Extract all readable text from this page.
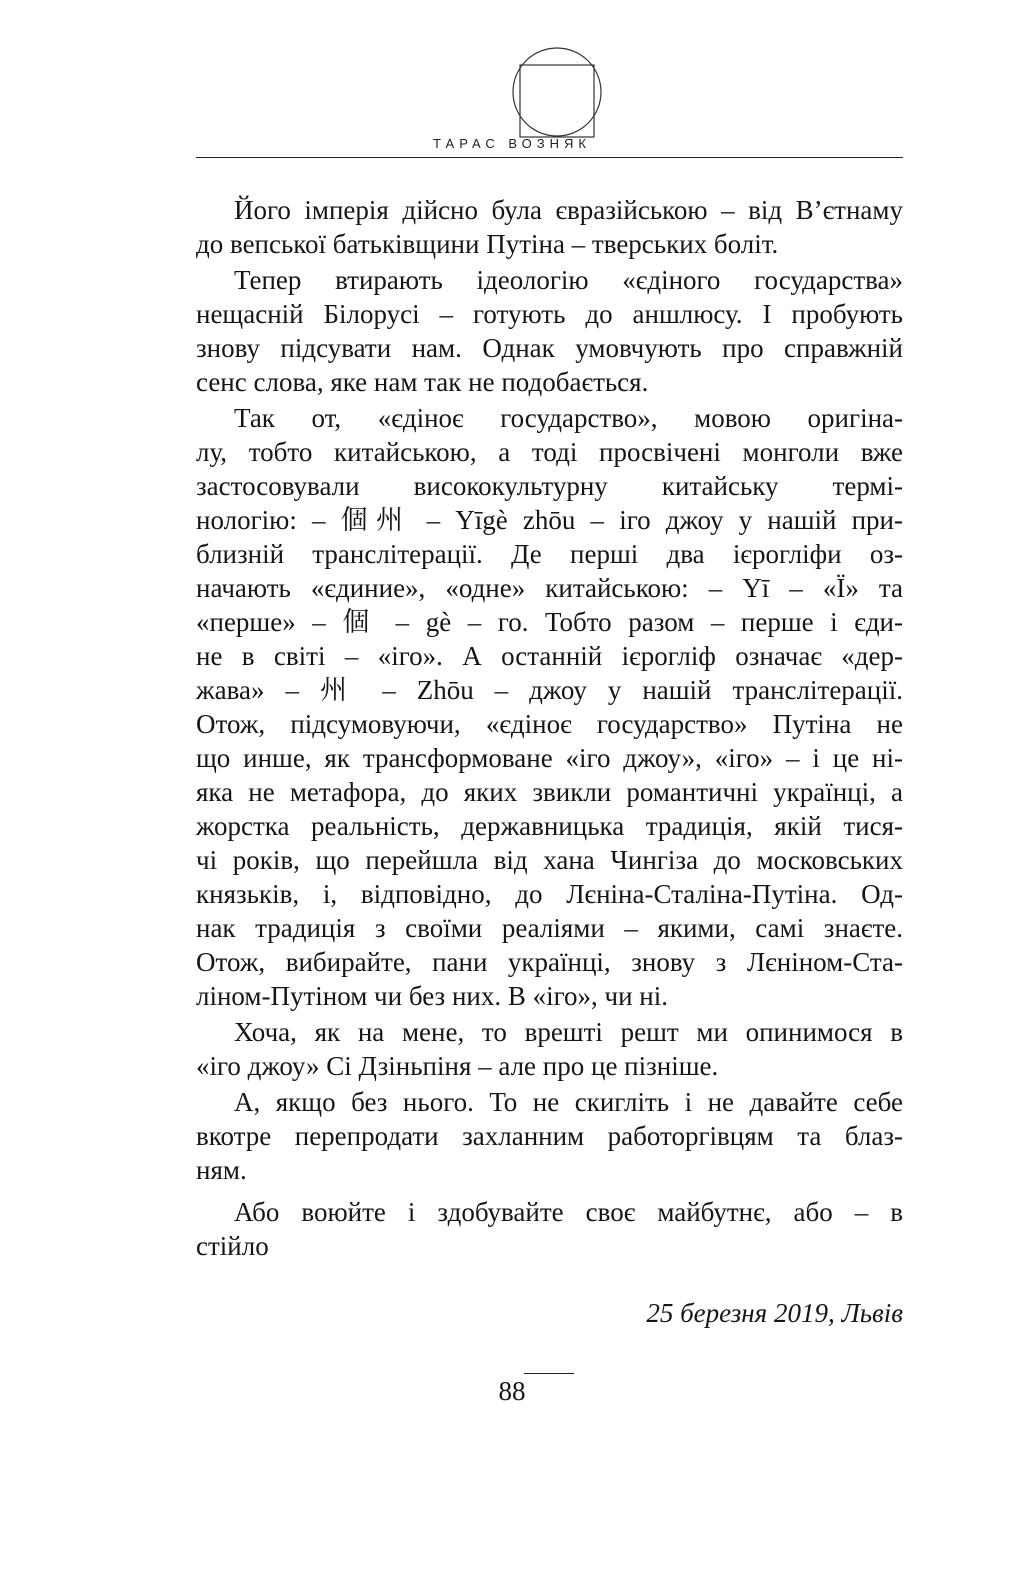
ТАРАС ВОЗНЯК
Його імперія дійсно була євразійською – від В’єтнаму
до вепської батьківщини Путіна – тверських боліт.
Тепер втирають ідеологію «єдіного государства»
нещасній Білорусі – готують до аншлюсу. І пробують
знову підсувати нам. Однак умовчують про справжній
сенс слова, яке нам так не подобається.
Так от, «єдіноє государство», мовою оригіна-
лу, тобто китайською, а тоді просвічені монголи вже
застосовували висококультурну китайську термі-
нологію: – 個州 – Yīgè zhōu – іго джоу у нашій при-
близній транслітерації. Де перші два ієрогліфи оз-
начають «єдиние», «одне» китайською: – Yī – «Ї» та
«перше» – 個 – gè – го. Тобто разом – перше і єди-
не в світі – «іго». А останній ієрогліф означає «дер-
жава» – 州 – Zhōu – джоу у нашій транслітерації.
Отож, підсумовуючи, «єдіноє государство» Путіна не
що инше, як трансформоване «іго джоу», «іго» – і це ні-
яка не метафора, до яких звикли романтичні українці, а
жорстка реальність, державницька традиція, якій тися-
чі років, що перейшла від хана Чингіза до московських
князьків, і, відповідно, до Лєніна-Сталіна-Путіна. Од-
нак традиція з своїми реаліями – якими, самі знаєте.
Отож, вибирайте, пани українці, знову з Лєніном-Ста-
ліном-Путіном чи без них. В «іго», чи ні.
Хоча, як на мене, то врешті решт ми опинимося в
«іго джоу» Сі Дзіньпіня – але про це пізніше.
А, якщо без нього. То не скигліть і не давайте себе
вкотре перепродати захланним работоргівцям та блаз-
ням.
Або воюйте і здобувайте своє майбутнє, або – в
стійло
25 березня 2019, Львів
88
